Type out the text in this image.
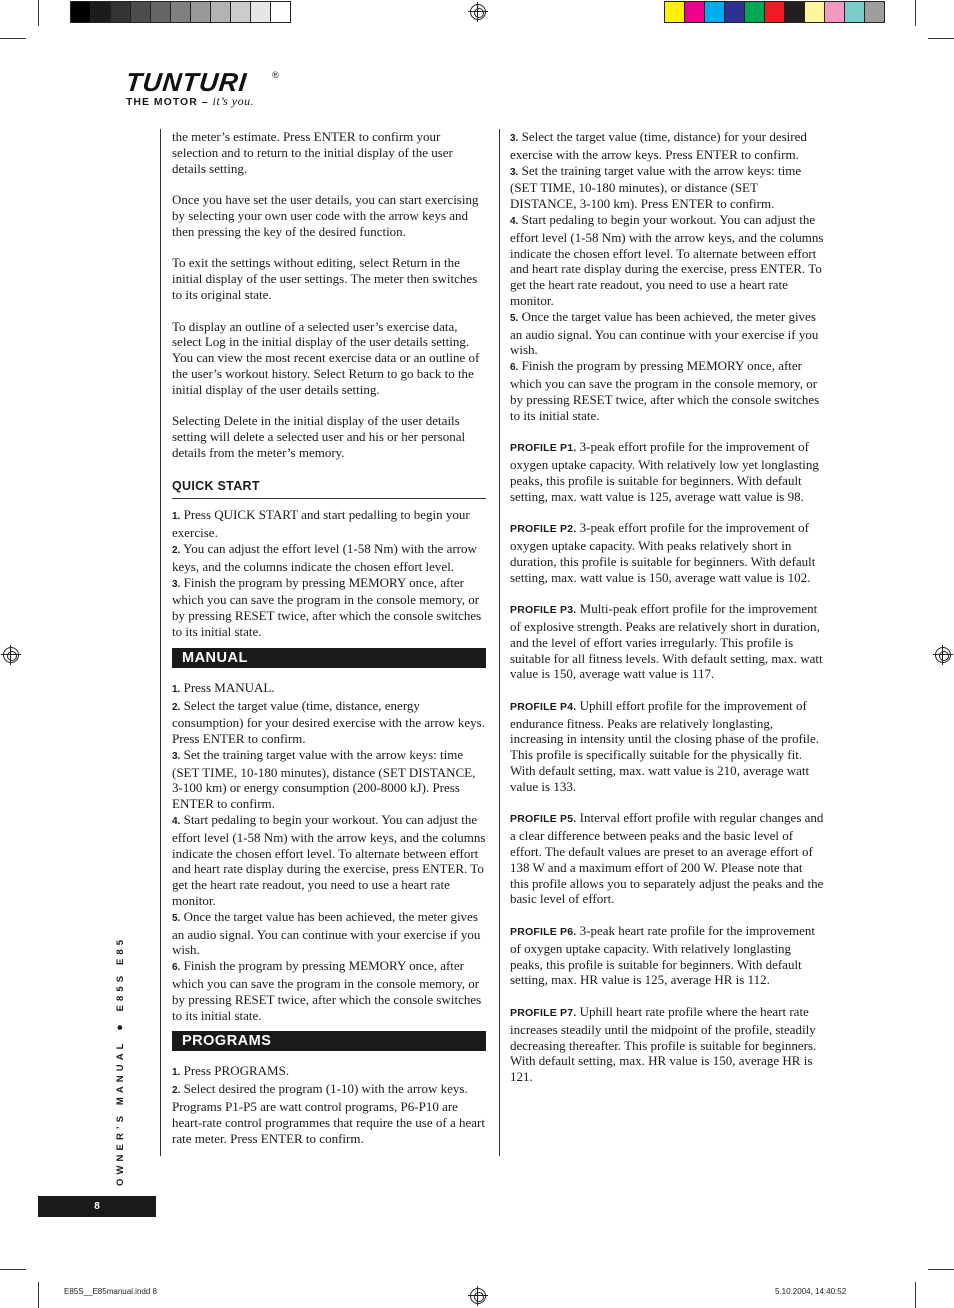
TUNTURI	®
THE MOTOR – it’s you.

the meter’s estimate. Press ENTER to confirm your selection and to return to the initial display of the user details setting.

Once you have set the user details, you can start exercising by selecting your own user code with the arrow keys and then pressing the key of the desired function.

To exit the settings without editing, select Return in the initial display of the user settings. The meter then switches to its original state.

To display an outline of a selected user’s exercise data, select Log in the initial display of the user details setting. You can view the most recent exercise data or an outline of the user’s workout history. Select Return to go back to the initial display of the user details setting.

Selecting Delete in the initial display of the user details setting will delete a selected user and his or her personal details from the meter’s memory.

QUICK START

1. Press QUICK START and start pedalling to begin your exercise.

2. You can adjust the effort level (1-58 Nm) with the arrow keys, and the columns indicate the chosen effort level.

3. Finish the program by pressing MEMORY once, after which you can save the program in the console memory, or by pressing RESET twice, after which the console switches to its initial state.

MANUAL

1. Press MANUAL.

2. Select the target value (time, distance, energy consumption) for your desired exercise with the arrow keys. Press ENTER to confirm.

3. Set the training target value with the arrow keys: time (SET TIME, 10-180 minutes), distance (SET DISTANCE, 3-100 km) or energy consumption (200-8000 kJ). Press ENTER to confirm.

4. Start pedaling to begin your workout. You can adjust the effort level (1-58 Nm) with the arrow keys, and the columns indicate the chosen effort level. To alternate between effort and heart rate display during the exercise, press ENTER. To get the heart rate readout, you need to use a heart rate monitor.

5. Once the target value has been achieved, the meter gives an audio signal. You can continue with your exercise if you wish.

6. Finish the program by pressing MEMORY once, after which you can save the program in the console memory, or by pressing RESET twice, after which the console switches to its initial state.

PROGRAMS

1. Press PROGRAMS.

2. Select desired the program (1-10) with the arrow keys. Programs P1-P5 are watt control programs, P6-P10 are heart-rate control programmes that require the use of a heart rate meter. Press ENTER to confirm.

3. Select the target value (time, distance) for your desired exercise with the arrow keys. Press ENTER to confirm.

3. Set the training target value with the arrow keys: time (SET TIME, 10-180 minutes), or distance (SET DISTANCE, 3-100 km). Press ENTER to confirm.

4. Start pedaling to begin your workout. You can adjust the effort level (1-58 Nm) with the arrow keys, and the columns indicate the chosen effort level. To alternate between effort and heart rate display during the exercise, press ENTER. To get the heart rate readout, you need to use a heart rate monitor.

5. Once the target value has been achieved, the meter gives an audio signal. You can continue with your exercise if you wish.

6. Finish the program by pressing MEMORY once, after which you can save the program in the console memory, or by pressing RESET twice, after which the console switches to its initial state.

PROFILE P1. 3-peak effort profile for the improvement of oxygen uptake capacity. With relatively low yet longlasting peaks, this profile is suitable for beginners. With default setting, max. watt value is 125, average watt value is 98.

PROFILE P2. 3-peak effort profile for the improvement of oxygen uptake capacity. With peaks relatively short in duration, this profile is suitable for beginners. With default setting, max. watt value is 150, average watt value is 102.

PROFILE P3. Multi-peak effort profile for the improvement of explosive strength. Peaks are relatively short in duration, and the level of effort varies irregularly. This profile is suitable for all fitness levels. With default setting, max. watt value is 150, average watt value is 117.

PROFILE P4. Uphill effort profile for the improvement of endurance fitness. Peaks are relatively longlasting, increasing in intensity until the closing phase of the profile. This profile is specifically suitable for the physically fit. With default setting, max. watt value is 210, average watt value is 133.

PROFILE P5. Interval effort profile with regular changes and a clear difference between peaks and the basic level of effort. The default values are preset to an average effort of 138 W and a maximum effort of 200 W. Please note that this profile allows you to separately adjust the peaks and the basic level of effort.

PROFILE P6. 3-peak heart rate profile for the improvement of oxygen uptake capacity. With relatively longlasting peaks, this profile is suitable for beginners. With default setting, max. HR value is 125, average HR is 112.

PROFILE P7. Uphill heart rate profile where the heart rate increases steadily until the midpoint of the profile, steadily decreasing thereafter. This profile is suitable for beginners. With default setting, max. HR value is 150, average HR is 121.

OWNER’S MANUAL ● E85S E85
8
E85S__E85manual.indd 8	5.10.2004, 14:40:52
